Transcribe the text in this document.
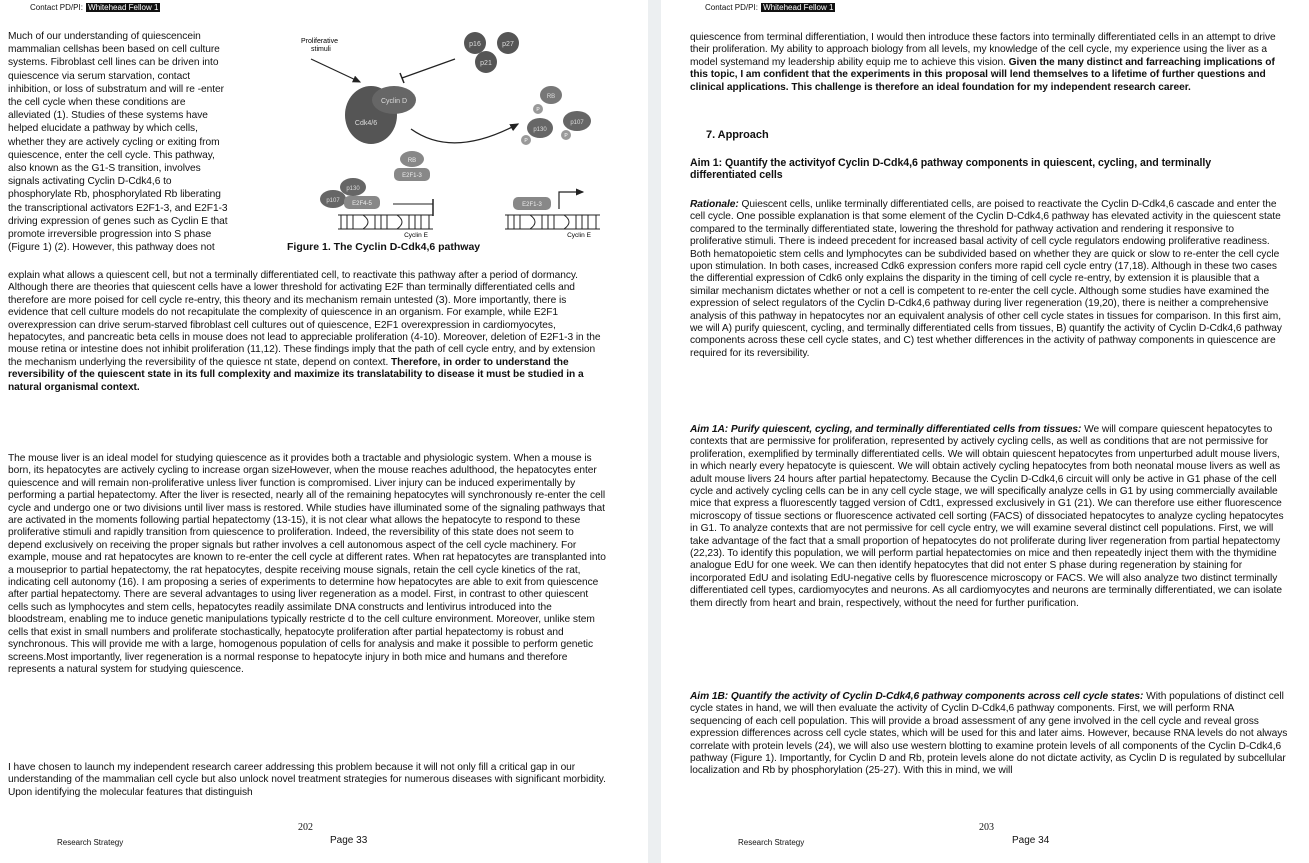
Contact PD/PI: Whitehead Fellow 1
Much of our understanding of quiescencein
mammalian cellshas been based on cell culture
systems. Fibroblast cell lines can be driven into
quiescence via serum starvation, contact
inhibition, or loss of substratum and will re -enter
the cell cycle when these conditions are
alleviated (1). Studies of these systems have
helped elucidate a pathway by which cells,
whether they are actively cycling or exiting from
quiescence, enter the cell cycle. This pathway,
also known as the G1-S transition, involves
signals activating Cyclin D-Cdk4,6 to
phosphorylate Rb, phosphorylated Rb liberating
the transcriptional activators E2F1-3, and E2F1-3
driving expression of genes such as Cyclin E that
promote irreversible progression into S phase
(Figure 1) (2). However, this pathway does not
explain what allows a quiescent cell, but not a terminally differentiated cell, to reactivate this pathway after a period of dormancy. Although there are theories that quiescent cells have a lower threshold for activating E2F than terminally differentiated cells and therefore are more poised for cell cycle re-entry, this theory and its mechanism remain untested (3). More importantly, there is evidence that cell culture models do not recapitulate the complexity of quiescence in an organism. For example, while E2F1 overexpression can drive serum-starved fibroblast cell cultures out of quiescence, E2F1 overexpression in cardiomyocytes, hepatocytes, and pancreatic beta cells in mouse does not lead to appreciable proliferation (4-10). Moreover, deletion of E2F1-3 in the mouse retina or intestine does not inhibit proliferation (11,12). These findings imply that the path of cell cycle entry, and by extension the mechanism underlying the reversibility of the quiesce nt state, depend on context. Therefore, in order to understand the reversibility of the quiescent state in its full complexity and maximize its translatability to disease it must be studied in a natural organismal context.

The mouse liver is an ideal model for studying quiescence as it provides both a tractable and physiologic system. When a mouse is born, its hepatocytes are actively cycling to increase organ sizeHowever, when the mouse reaches adulthood, the hepatocytes enter quiescence and will remain non-proliferative unless liver function is compromised. Liver injury can be induced experimentally by performing a partial hepatectomy. After the liver is resected, nearly all of the remaining hepatocytes will synchronously re-enter the cell cycle and undergo one or two divisions until liver mass is restored. While studies have illuminated some of the signaling pathways that are activated in the moments following partial hepatectomy (13-15), it is not clear what allows the hepatocyte to respond to these proliferative stimuli and rapidly transition from quiescence to proliferation. Indeed, the reversibility of this state does not seem to depend exclusively on receiving the proper signals but rather involves a cell autonomous aspect of the cell cycle machinery. For example, mouse and rat hepatocytes are known to re-enter the cell cycle at different rates. When rat hepatocytes are transplanted into a mouseprior to partial hepatectomy, the rat hepatocytes, despite receiving mouse signals, retain the cell cycle kinetics of the rat, indicating cell autonomy (16). I am proposing a series of experiments to determine how hepatocytes are able to exit from quiescence after partial hepatectomy. There are several advantages to using liver regeneration as a model. First, in contrast to other quiescent cells such as lymphocytes and stem cells, hepatocytes readily assimilate DNA constructs and lentivirus introduced into the bloodstream, enabling me to induce genetic manipulations typically restricte d to the cell culture environment. Moreover, unlike stem cells that exist in small numbers and proliferate stochastically, hepatocyte proliferation after partial hepatectomy is robust and synchronous. This will provide me with a large, homogenous population of cells for analysis and make it possible to perform genetic screens.Most importantly, liver regeneration is a normal response to hepatocyte injury in both mice and humans and therefore represents a natural system for studying quiescence.

I have chosen to launch my independent research career addressing this problem because it will not only fill a critical gap in our understanding of the mammalian cell cycle but also unlock novel treatment strategies for numerous diseases with significant morbidity. Upon identifying the molecular features that distinguish

Proliferative
stimuli
p16	p27
p21
Cdk4/6
Cyclin D
RB
P
p107
p130
P
P
RB
E2F1-3
p130
p107 E2F4-5
Cyclin E
E2F1-3
Cyclin E
Figure 1. The Cyclin D-Cdk4,6 pathway
Research Strategy
202
Page 33
Contact PD/PI: Whitehead Fellow 1
quiescence from terminal differentiation, I would then introduce these factors into terminally differentiated cells in an attempt to drive their proliferation. My ability to approach biology from all levels, my knowledge of the cell cycle, my experience using the liver as a model systemand my leadership ability equip me to achieve this vision. Given the many distinct and farreaching implications of this topic, I am confident that the experiments in this proposal will lend themselves to a lifetime of further questions and clinical applications. This challenge is therefore an ideal foundation for my independent research career.
7. Approach
Aim 1: Quantify the activityof Cyclin D-Cdk4,6 pathway components in quiescent, cycling, and terminally differentiated cells
Rationale: Quiescent cells, unlike terminally differentiated cells, are poised to reactivate the Cyclin D-Cdk4,6 cascade and enter the cell cycle. One possible explanation is that some element of the Cyclin D-Cdk4,6 pathway has elevated activity in the quiescent state compared to the terminally differentiated state, lowering the threshold for pathway activation and rendering it responsive to proliferative stimuli. There is indeed precedent for increased basal activity of cell cycle regulators endowing proliferative readiness. Both hematopoietic stem cells and lymphocytes can be subdivided based on whether they are quick or slow to re-enter the cell cycle upon stimulation. In both cases, increased Cdk6 expression confers more rapid cell cycle entry (17,18). Although in these two cases the differential expression of Cdk6 only explains the disparity in the timing of cell cycle re-entry, by extension it is plausible that a similar mechanism dictates whether or not a cell is competent to re-enter the cell cycle. Although some studies have examined the expression of select regulators of the Cyclin D-Cdk4,6 pathway during liver regeneration (19,20), there is neither a comprehensive analysis of this pathway in hepatocytes nor an equivalent analysis of other cell cycle states in tissues for comparison. In this first aim, we will A) purify quiescent, cycling, and terminally differentiated cells from tissues, B) quantify the activity of Cyclin D-Cdk4,6 pathway components across these cell cycle states, and C) test whether differences in the activity of pathway components in quiescence are required for its reversibility.
Aim 1A: Purify quiescent, cycling, and terminally differentiated cells from tissues: We will compare quiescent hepatocytes to contexts that are permissive for proliferation, represented by actively cycling cells, as well as conditions that are not permissive for proliferation, exemplified by terminally differentiated cells. We will obtain quiescent hepatocytes from unperturbed adult mouse livers, in which nearly every hepatocyte is quiescent. We will obtain actively cycling hepatocytes from both neonatal mouse livers as well as adult mouse livers 24 hours after partial hepatectomy. Because the Cyclin D-Cdk4,6 circuit will only be active in G1 phase of the cell cycle and actively cycling cells can be in any cell cycle stage, we will specifically analyze cells in G1 by using commercially available mice that express a fluorescently tagged version of Cdt1, expressed exclusively in G1 (21). We can therefore use either fluorescence microscopy of tissue sections or fluorescence activated cell sorting (FACS) of dissociated hepatocytes to analyze cycling hepatocytes in G1. To analyze contexts that are not permissive for cell cycle entry, we will examine several distinct cell populations. First, we will take advantage of the fact that a small proportion of hepatocytes do not proliferate during liver regeneration from partial hepatectomy (22,23). To identify this population, we will perform partial hepatectomies on mice and then repeatedly inject them with the thymidine analogue EdU for one week. We can then identify hepatocytes that did not enter S phase during regeneration by staining for incorporated EdU and isolating EdU-negative cells by fluorescence microscopy or FACS. We will also analyze two distinct terminally differentiated cell types, cardiomyocytes and neurons. As all cardiomyocytes and neurons are terminally differentiated, we can isolate them directly from heart and brain, respectively, without the need for further purification.
Aim 1B: Quantify the activity of Cyclin D-Cdk4,6 pathway components across cell cycle states: With populations of distinct cell cycle states in hand, we will then evaluate the activity of Cyclin D-Cdk4,6 pathway components. First, we will perform RNA sequencing of each cell population. This will provide a broad assessment of any gene involved in the cell cycle and reveal gross expression differences across cell cycle states, which will be used for this and later aims. However, because RNA levels do not always correlate with protein levels (24), we will also use western blotting to examine protein levels of all components of the Cyclin D-Cdk4,6 pathway (Figure 1). Importantly, for Cyclin D and Rb, protein levels alone do not dictate activity, as Cyclin D is regulated by subcellular localization and Rb by phosphorylation (25-27). With this in mind, we will
Research Strategy
203
Page 34
